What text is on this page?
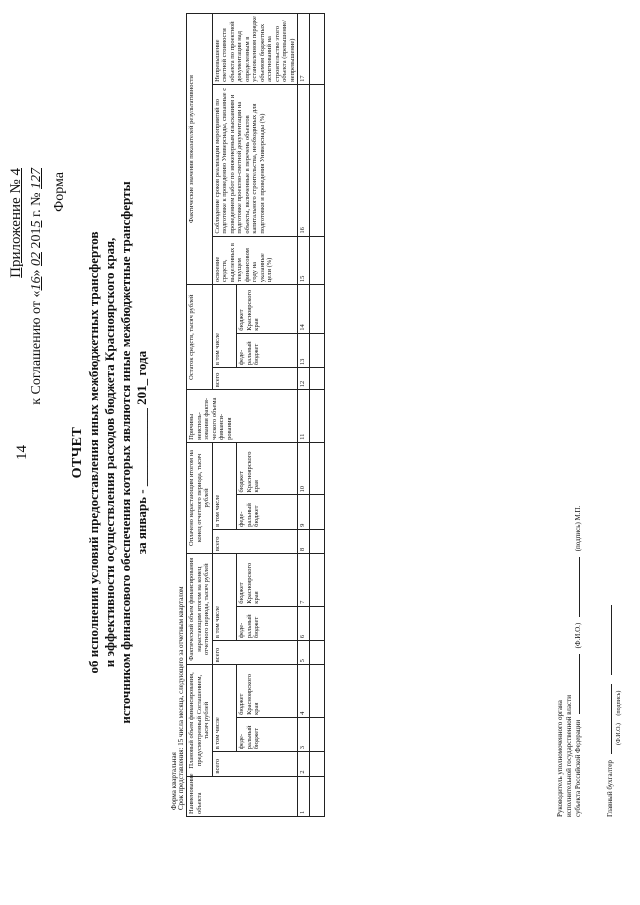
14
Приложение № 4
к Соглашению от «16» 02 2015 г. № 127 Форма
ОТЧЕТ об исполнении условий предоставления иных межбюджетных трансфертов и эффективности осуществления расходов бюджета Красноярского края, источником финансового обеспечения которых являются иные межбюджетные трансферты за январь - ____________ 201_ года
Форма квартальная Срок представления: 15 числа месяца, следующего за отчетным кварталом Наименование объекта	Плановый объем финансирования, предусмотренный Соглашением, тысяч рублей			Фактический объем финансирования нарастающим итогом на конец отчетного периода, тысяч рублей			Оплачено нарастающим итогом на конец отчетного периода, тысяч рублей			Причины неисполь-зования факти-ческого объема финанси-рования	Остаток средств, тысяч рублей			Фактические значения показателей результативности		
	всего	в том числе		всего	в том числе		всего	в том числе			всего	в том числе		освоение средств, выделенных в текущем финансовом году на указанные цели (%)	Соблюдение сроков реализации мероприятий по подготовке к проведению Универсиады, связанные с проведением работ по инженерным изысканиям и подготовке проектно-сметной документации на объекты, включенные в перечень объектов капитального строительства, необходимых для подготовки и проведения Универсиады (%)	Непревышение сметной стоимости объекта по проектной документации над определенным в установленном порядке объемом бюджетных ассигнований на строительство этого объекта (превышение/непревышение)
		феде-ральный бюджет	бюджет Красноярского края		феде-ральный бюджет	бюджет Красноярского края		феде-ральный бюджет	бюджет Красноярского края			феде-ральный бюджет	бюджет Красноярского края			
1	2	3	4	5	6	7	8	9	10	11	12	13	14	15	16	17

Руководитель уполномоченного органа исполнительной государственной власти субъекта Российской Федерации  (Ф.И.О.)  (подпись) М.П.
Главный бухгалтер
(Ф.И.О.)     (подпись)
